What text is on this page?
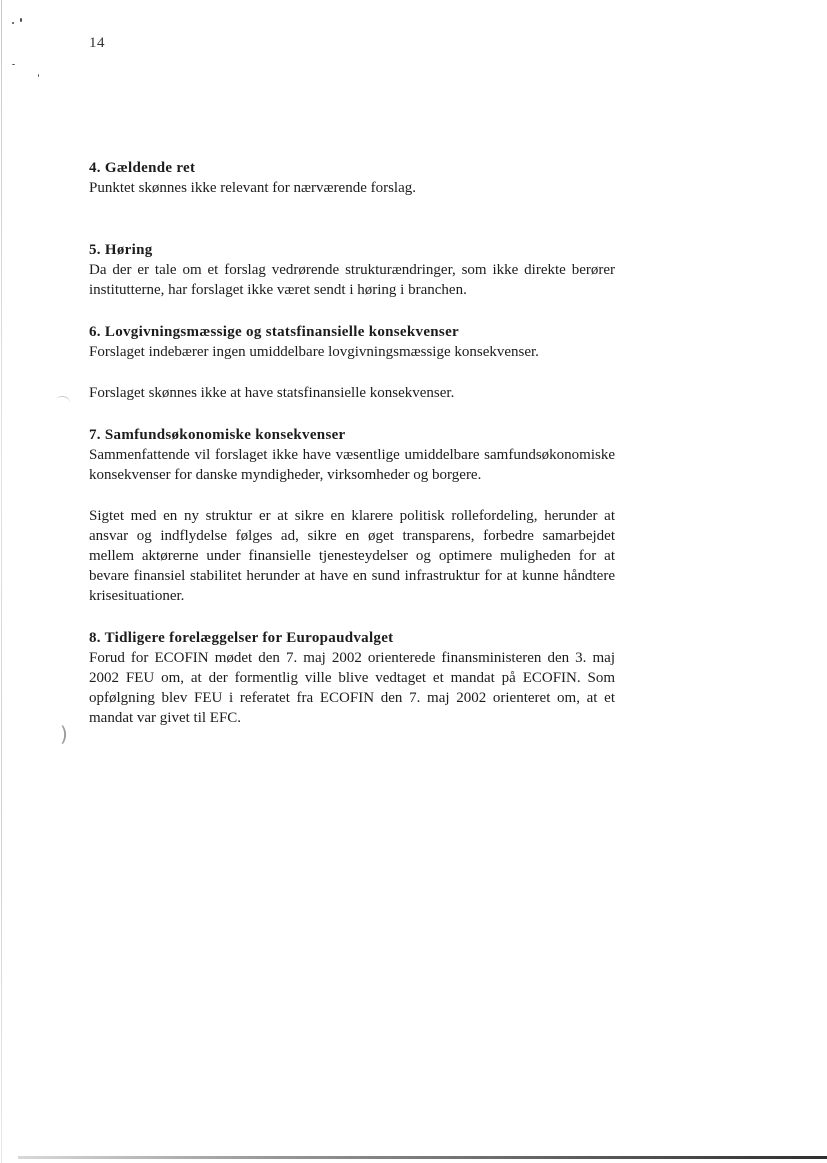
)
14

4. Gældende ret

Punktet skønnes ikke relevant for nærværende forslag.

5. Høring

Da der er tale om et forslag vedrørende strukturændringer, som ikke direkte berører institutterne, har forslaget ikke været sendt i høring i branchen.

6. Lovgivningsmæssige og statsfinansielle konsekvenser

Forslaget indebærer ingen umiddelbare lovgivningsmæssige konsekvenser.

Forslaget skønnes ikke at have statsfinansielle konsekvenser.

7. Samfundsøkonomiske konsekvenser

Sammenfattende vil forslaget ikke have væsentlige umiddelbare samfundsøkonomiske konsekvenser for danske myndigheder, virksomheder og borgere.

Sigtet med en ny struktur er at sikre en klarere politisk rollefordeling, herunder at ansvar og indflydelse følges ad, sikre en øget transparens, forbedre samarbejdet mellem aktørerne under finansielle tjenesteydelser og optimere muligheden for at bevare finansiel stabilitet herunder at have en sund infrastruktur for at kunne håndtere krisesituationer.

8. Tidligere forelæggelser for Europaudvalget

Forud for ECOFIN mødet den 7. maj 2002 orienterede finansministeren den 3. maj 2002 FEU om, at der formentlig ville blive vedtaget et mandat på ECOFIN. Som opfølgning blev FEU i referatet fra ECOFIN den 7. maj 2002 orienteret om, at et mandat var givet til EFC.
